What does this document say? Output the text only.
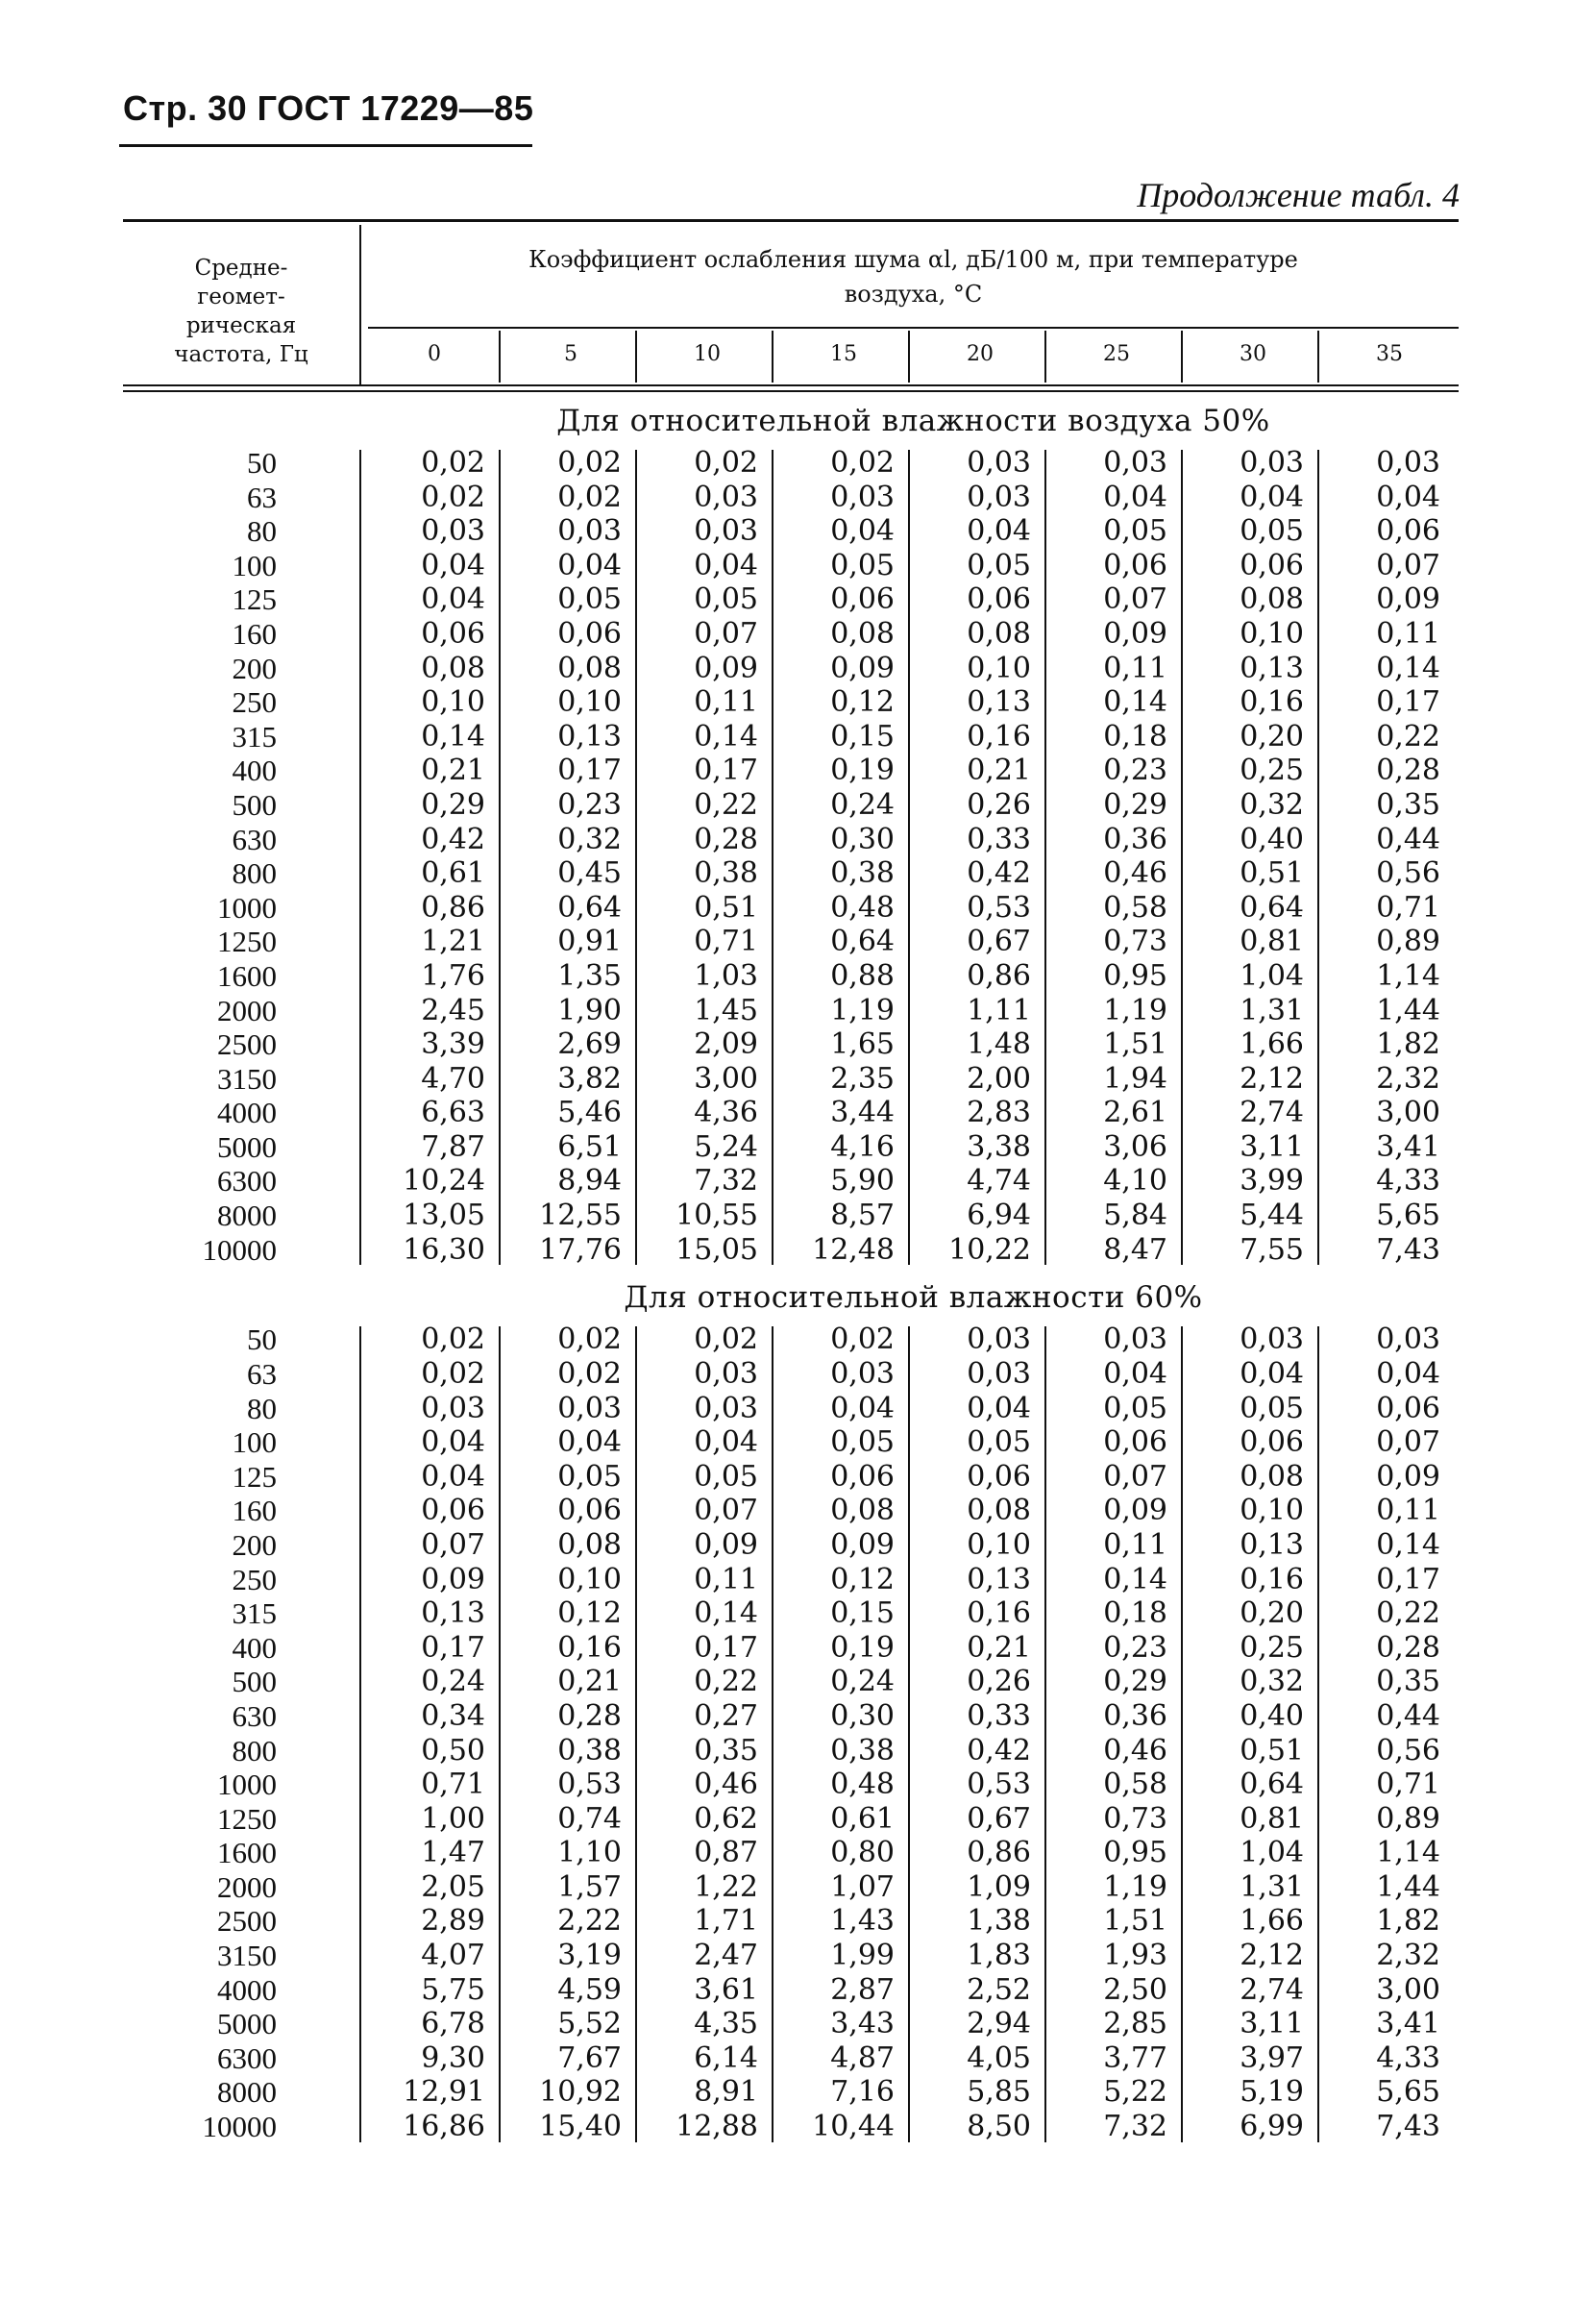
Стр. 30 ГОСТ 17229—85
Продолжение табл. 4
Средне-
геомет-
рическая
частота, Гц
Коэффициент ослабления шума αl, дБ/100 м, при температуре
воздуха, °С
0	5	10	15	20	25	30	35
Для относительной влажности воздуха 50%
50	0,02	0,02	0,02	0,02	0,03	0,03	0,03	0,03
63	0,02	0,02	0,03	0,03	0,03	0,04	0,04	0,04
80	0,03	0,03	0,03	0,04	0,04	0,05	0,05	0,06
100	0,04	0,04	0,04	0,05	0,05	0,06	0,06	0,07
125	0,04	0,05	0,05	0,06	0,06	0,07	0,08	0,09
160	0,06	0,06	0,07	0,08	0,08	0,09	0,10	0,11
200	0,08	0,08	0,09	0,09	0,10	0,11	0,13	0,14
250	0,10	0,10	0,11	0,12	0,13	0,14	0,16	0,17
315	0,14	0,13	0,14	0,15	0,16	0,18	0,20	0,22
400	0,21	0,17	0,17	0,19	0,21	0,23	0,25	0,28
500	0,29	0,23	0,22	0,24	0,26	0,29	0,32	0,35
630	0,42	0,32	0,28	0,30	0,33	0,36	0,40	0,44
800	0,61	0,45	0,38	0,38	0,42	0,46	0,51	0,56
1000	0,86	0,64	0,51	0,48	0,53	0,58	0,64	0,71
1250	1,21	0,91	0,71	0,64	0,67	0,73	0,81	0,89
1600	1,76	1,35	1,03	0,88	0,86	0,95	1,04	1,14
2000	2,45	1,90	1,45	1,19	1,11	1,19	1,31	1,44
2500	3,39	2,69	2,09	1,65	1,48	1,51	1,66	1,82
3150	4,70	3,82	3,00	2,35	2,00	1,94	2,12	2,32
4000	6,63	5,46	4,36	3,44	2,83	2,61	2,74	3,00
5000	7,87	6,51	5,24	4,16	3,38	3,06	3,11	3,41
6300	10,24	8,94	7,32	5,90	4,74	4,10	3,99	4,33
8000	13,05	12,55	10,55	8,57	6,94	5,84	5,44	5,65
10000	16,30	17,76	15,05	12,48	10,22	8,47	7,55	7,43
Для относительной влажности 60%
50	0,02	0,02	0,02	0,02	0,03	0,03	0,03	0,03
63	0,02	0,02	0,03	0,03	0,03	0,04	0,04	0,04
80	0,03	0,03	0,03	0,04	0,04	0,05	0,05	0,06
100	0,04	0,04	0,04	0,05	0,05	0,06	0,06	0,07
125	0,04	0,05	0,05	0,06	0,06	0,07	0,08	0,09
160	0,06	0,06	0,07	0,08	0,08	0,09	0,10	0,11
200	0,07	0,08	0,09	0,09	0,10	0,11	0,13	0,14
250	0,09	0,10	0,11	0,12	0,13	0,14	0,16	0,17
315	0,13	0,12	0,14	0,15	0,16	0,18	0,20	0,22
400	0,17	0,16	0,17	0,19	0,21	0,23	0,25	0,28
500	0,24	0,21	0,22	0,24	0,26	0,29	0,32	0,35
630	0,34	0,28	0,27	0,30	0,33	0,36	0,40	0,44
800	0,50	0,38	0,35	0,38	0,42	0,46	0,51	0,56
1000	0,71	0,53	0,46	0,48	0,53	0,58	0,64	0,71
1250	1,00	0,74	0,62	0,61	0,67	0,73	0,81	0,89
1600	1,47	1,10	0,87	0,80	0,86	0,95	1,04	1,14
2000	2,05	1,57	1,22	1,07	1,09	1,19	1,31	1,44
2500	2,89	2,22	1,71	1,43	1,38	1,51	1,66	1,82
3150	4,07	3,19	2,47	1,99	1,83	1,93	2,12	2,32
4000	5,75	4,59	3,61	2,87	2,52	2,50	2,74	3,00
5000	6,78	5,52	4,35	3,43	2,94	2,85	3,11	3,41
6300	9,30	7,67	6,14	4,87	4,05	3,77	3,97	4,33
8000	12,91	10,92	8,91	7,16	5,85	5,22	5,19	5,65
10000	16,86	15,40	12,88	10,44	8,50	7,32	6,99	7,43
